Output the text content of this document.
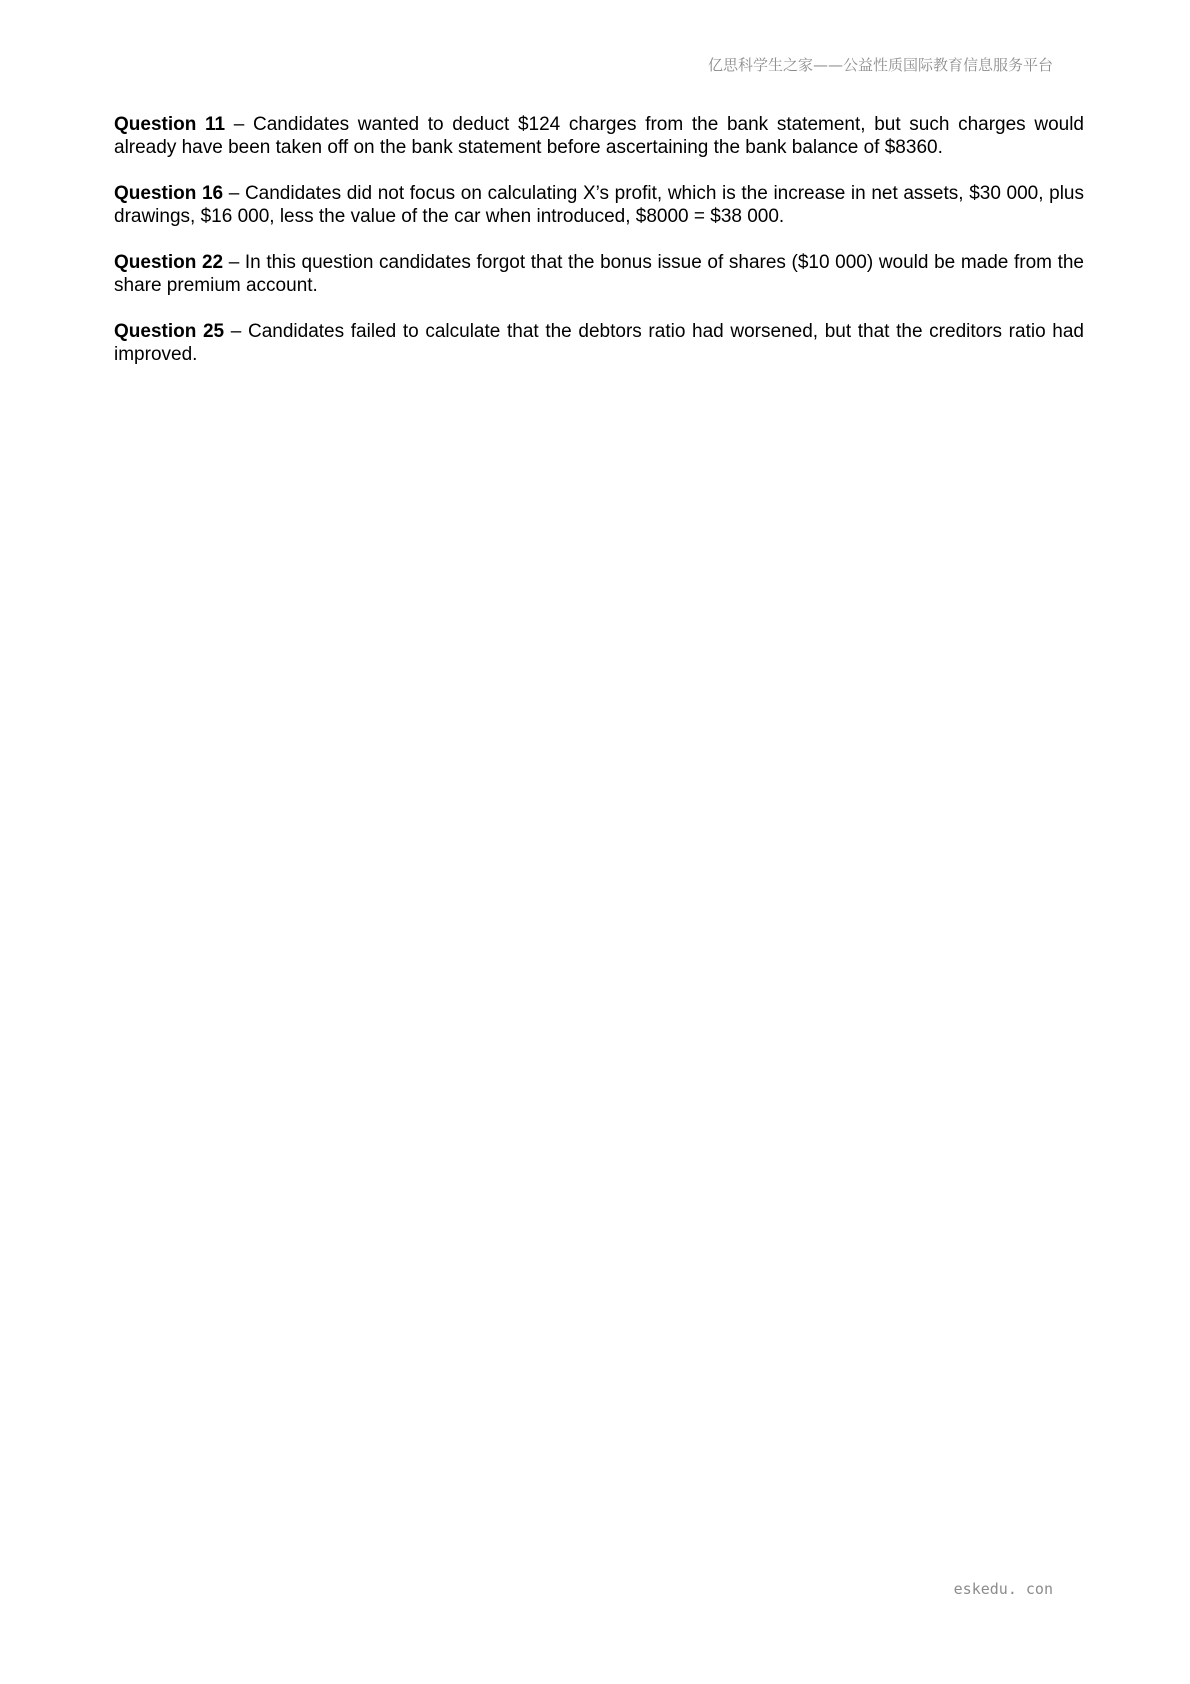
亿思科学生之家——公益性质国际教育信息服务平台

Question 11 – Candidates wanted to deduct $124 charges from the bank statement, but such charges would already have been taken off on the bank statement before ascertaining the bank balance of $8360.

Question 16 – Candidates did not focus on calculating X’s profit, which is the increase in net assets, $30 000, plus drawings, $16 000, less the value of the car when introduced, $8000 = $38 000.

Question 22 – In this question candidates forgot that the bonus issue of shares ($10 000) would be made from the share premium account.

Question 25 – Candidates failed to calculate that the debtors ratio had worsened, but that the creditors ratio had improved.

eskedu. con
